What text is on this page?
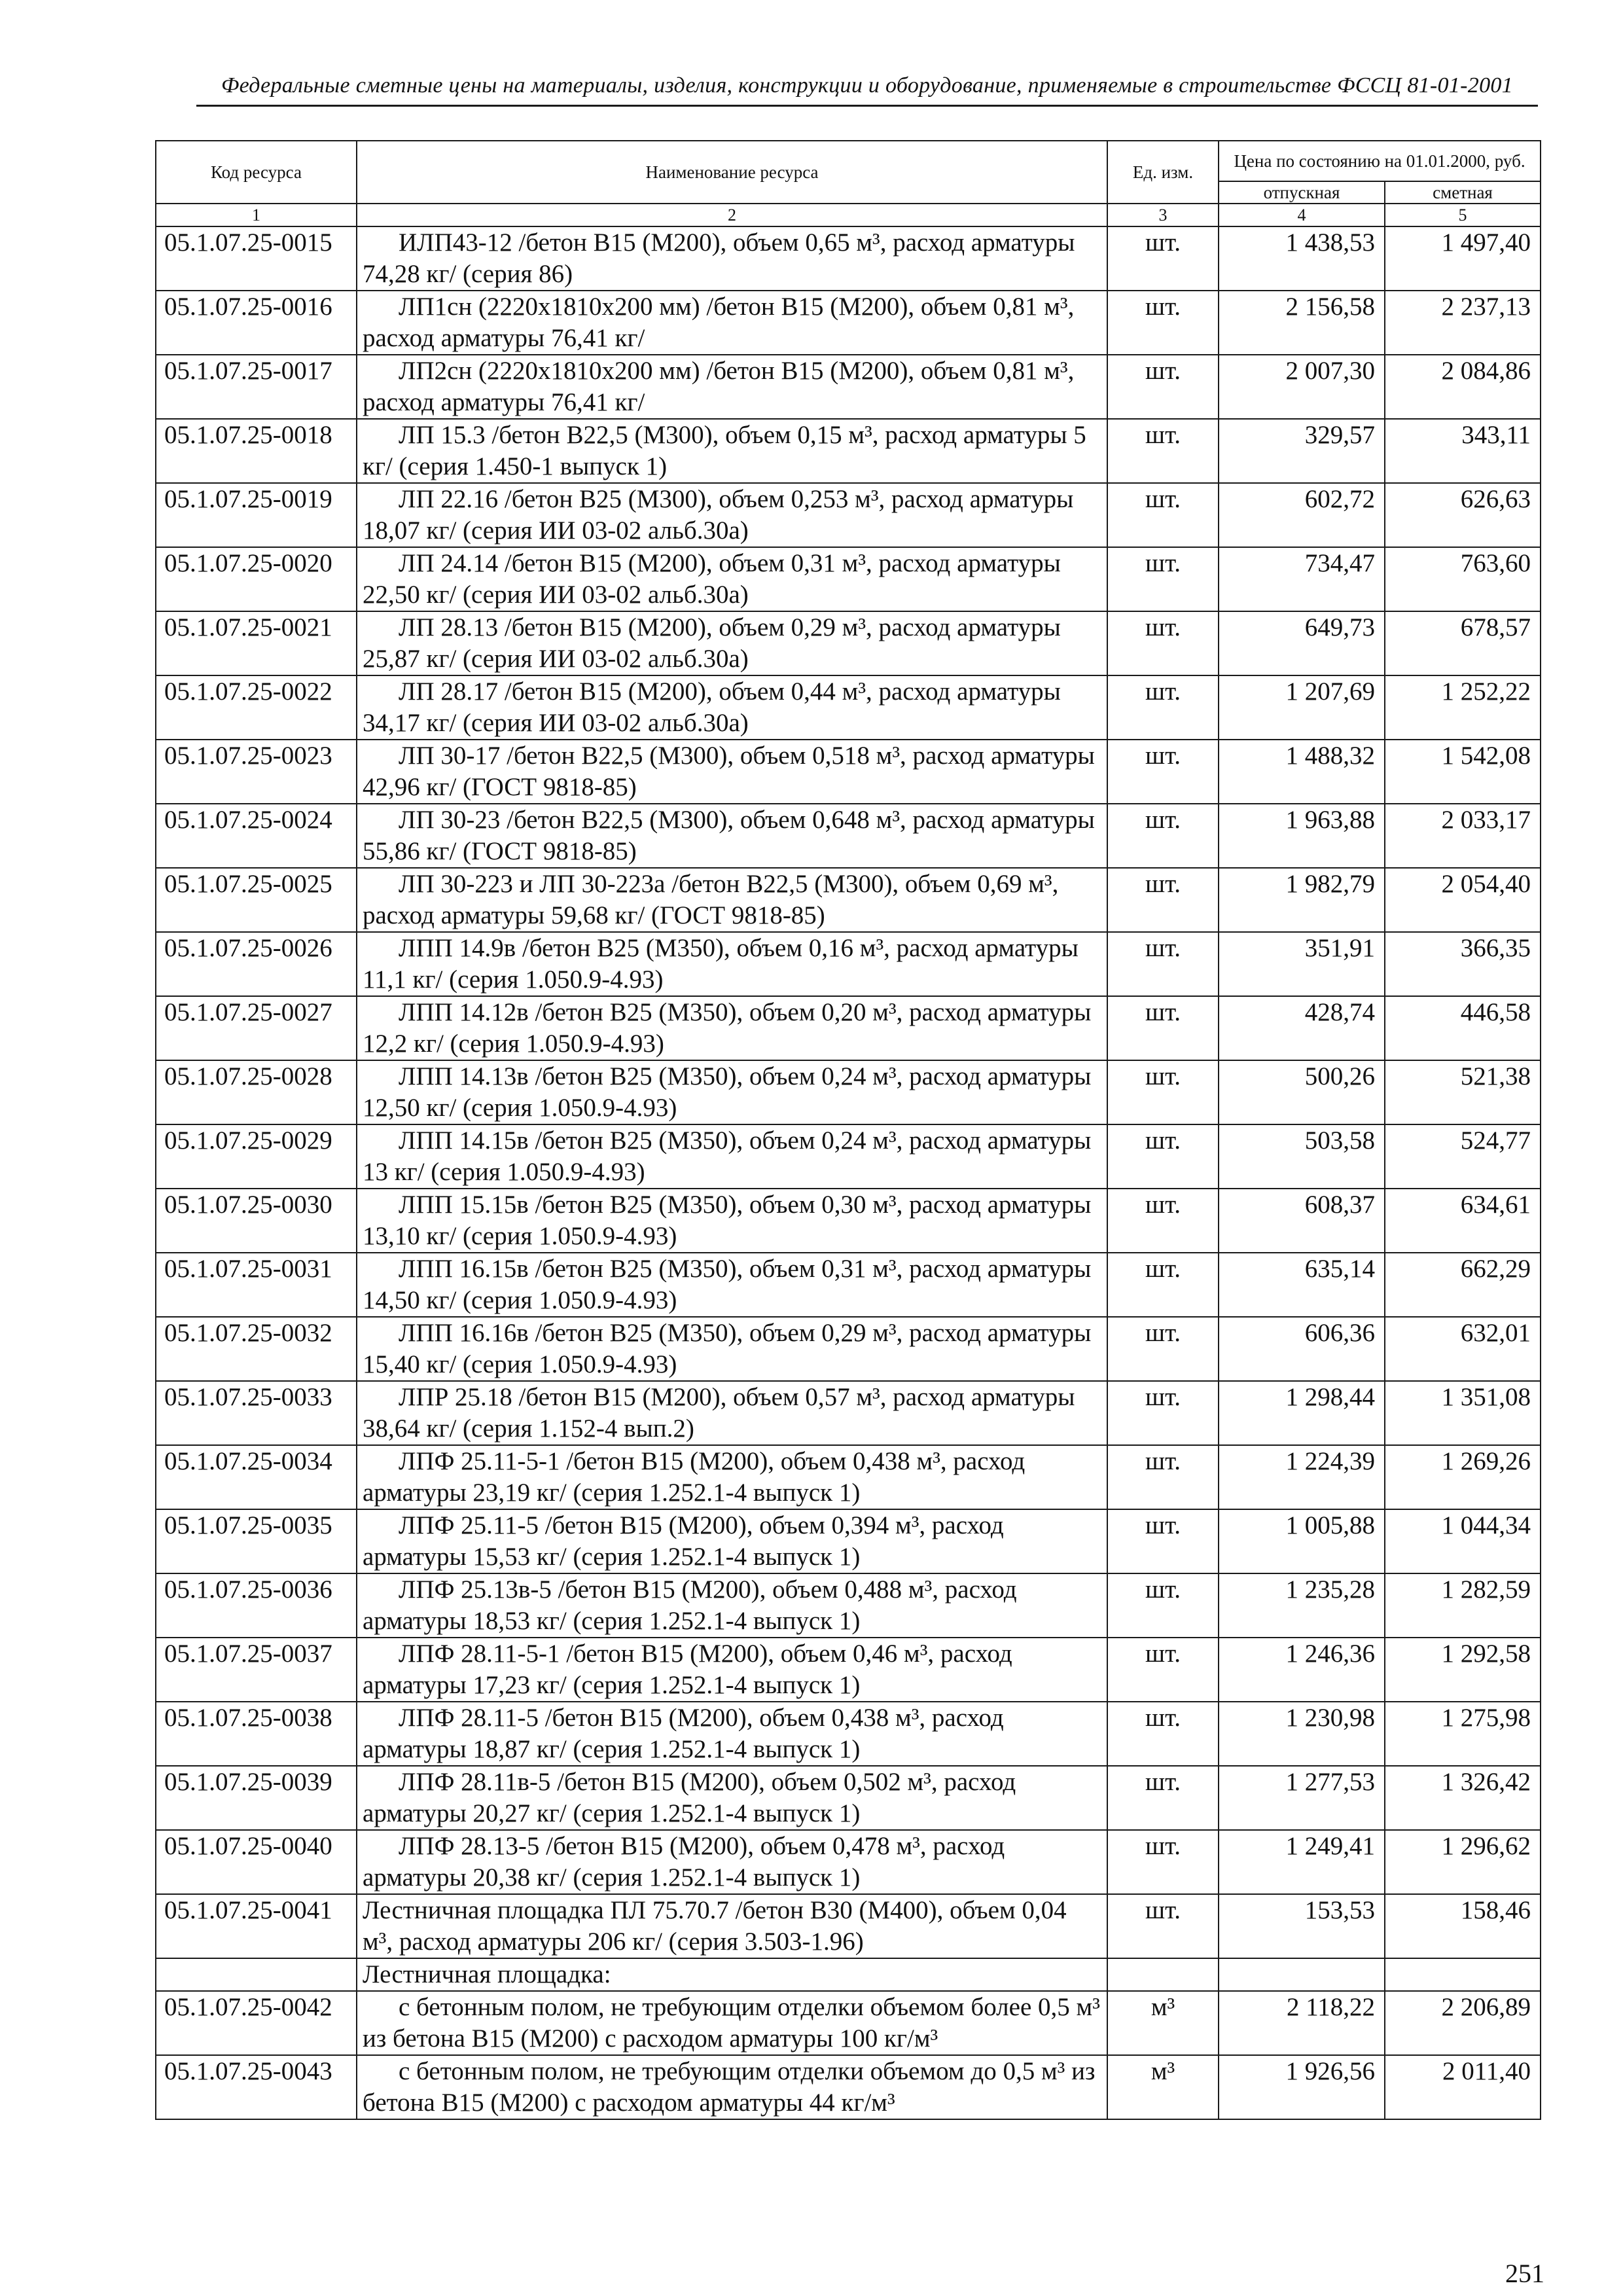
Федеральные сметные цены на материалы, изделия, конструкции и оборудование, применяемые в строительстве ФССЦ 81-01-2001
Код ресурса	Наименование ресурса	Ед. изм.	Цена по состоянию на 01.01.2000, руб.	
			отпускная	сметная
1	2	3	4	5
05.1.07.25-0015	ИЛП43-12 /бетон В15 (М200), объем 0,65 м³, расход арматуры 74,28 кг/ (серия 86)	шт.	1 438,53	1 497,40
05.1.07.25-0016	ЛП1сн (2220х1810х200 мм) /бетон В15 (М200), объем 0,81 м³, расход арматуры 76,41 кг/	шт.	2 156,58	2 237,13
05.1.07.25-0017	ЛП2сн (2220х1810х200 мм) /бетон В15 (М200), объем 0,81 м³, расход арматуры 76,41 кг/	шт.	2 007,30	2 084,86
05.1.07.25-0018	ЛП 15.3 /бетон В22,5 (М300), объем 0,15 м³, расход арматуры 5 кг/ (серия 1.450-1 выпуск 1)	шт.	329,57	343,11
05.1.07.25-0019	ЛП 22.16 /бетон В25 (М300), объем 0,253 м³, расход арматуры 18,07 кг/ (серия ИИ 03-02 альб.30а)	шт.	602,72	626,63
05.1.07.25-0020	ЛП 24.14 /бетон В15 (М200), объем 0,31 м³, расход арматуры 22,50 кг/ (серия ИИ 03-02 альб.30а)	шт.	734,47	763,60
05.1.07.25-0021	ЛП 28.13 /бетон В15 (М200), объем 0,29 м³, расход арматуры 25,87 кг/ (серия ИИ 03-02 альб.30а)	шт.	649,73	678,57
05.1.07.25-0022	ЛП 28.17 /бетон В15 (М200), объем 0,44 м³, расход арматуры 34,17 кг/ (серия ИИ 03-02 альб.30а)	шт.	1 207,69	1 252,22
05.1.07.25-0023	ЛП 30-17 /бетон В22,5 (М300), объем 0,518 м³, расход арматуры 42,96 кг/ (ГОСТ 9818-85)	шт.	1 488,32	1 542,08
05.1.07.25-0024	ЛП 30-23 /бетон В22,5 (М300), объем 0,648 м³, расход арматуры 55,86 кг/ (ГОСТ 9818-85)	шт.	1 963,88	2 033,17
05.1.07.25-0025	ЛП 30-223 и ЛП 30-223а /бетон В22,5 (М300), объем 0,69 м³, расход арматуры 59,68 кг/ (ГОСТ 9818-85)	шт.	1 982,79	2 054,40
05.1.07.25-0026	ЛПП 14.9в /бетон В25 (М350), объем 0,16 м³, расход арматуры 11,1 кг/ (серия 1.050.9-4.93)	шт.	351,91	366,35
05.1.07.25-0027	ЛПП 14.12в /бетон В25 (М350), объем 0,20 м³, расход арматуры 12,2 кг/ (серия 1.050.9-4.93)	шт.	428,74	446,58
05.1.07.25-0028	ЛПП 14.13в /бетон В25 (М350), объем 0,24 м³, расход арматуры 12,50 кг/ (серия 1.050.9-4.93)	шт.	500,26	521,38
05.1.07.25-0029	ЛПП 14.15в /бетон В25 (М350), объем 0,24 м³, расход арматуры 13 кг/ (серия 1.050.9-4.93)	шт.	503,58	524,77
05.1.07.25-0030	ЛПП 15.15в /бетон В25 (М350), объем 0,30 м³, расход арматуры 13,10 кг/ (серия 1.050.9-4.93)	шт.	608,37	634,61
05.1.07.25-0031	ЛПП 16.15в /бетон В25 (М350), объем 0,31 м³, расход арматуры 14,50 кг/ (серия 1.050.9-4.93)	шт.	635,14	662,29
05.1.07.25-0032	ЛПП 16.16в /бетон В25 (М350), объем 0,29 м³, расход арматуры 15,40 кг/ (серия 1.050.9-4.93)	шт.	606,36	632,01
05.1.07.25-0033	ЛПР 25.18 /бетон В15 (М200), объем 0,57 м³, расход арматуры 38,64 кг/ (серия 1.152-4 вып.2)	шт.	1 298,44	1 351,08
05.1.07.25-0034	ЛПФ 25.11-5-1 /бетон В15 (М200), объем 0,438 м³, расход арматуры 23,19 кг/ (серия 1.252.1-4 выпуск 1)	шт.	1 224,39	1 269,26
05.1.07.25-0035	ЛПФ 25.11-5 /бетон В15 (М200), объем 0,394 м³, расход арматуры 15,53 кг/ (серия 1.252.1-4 выпуск 1)	шт.	1 005,88	1 044,34
05.1.07.25-0036	ЛПФ 25.13в-5 /бетон В15 (М200), объем 0,488 м³, расход арматуры 18,53 кг/ (серия 1.252.1-4 выпуск 1)	шт.	1 235,28	1 282,59
05.1.07.25-0037	ЛПФ 28.11-5-1 /бетон В15 (М200), объем 0,46 м³, расход арматуры 17,23 кг/ (серия 1.252.1-4 выпуск 1)	шт.	1 246,36	1 292,58
05.1.07.25-0038	ЛПФ 28.11-5 /бетон В15 (М200), объем 0,438 м³, расход арматуры 18,87 кг/ (серия 1.252.1-4 выпуск 1)	шт.	1 230,98	1 275,98
05.1.07.25-0039	ЛПФ 28.11в-5 /бетон В15 (М200), объем 0,502 м³, расход арматуры 20,27 кг/ (серия 1.252.1-4 выпуск 1)	шт.	1 277,53	1 326,42
05.1.07.25-0040	ЛПФ 28.13-5 /бетон В15 (М200), объем 0,478 м³, расход арматуры 20,38 кг/ (серия 1.252.1-4 выпуск 1)	шт.	1 249,41	1 296,62
05.1.07.25-0041	Лестничная площадка ПЛ 75.70.7 /бетон В30 (М400), объем 0,04 м³, расход арматуры 206 кг/ (серия 3.503-1.96)	шт.	153,53	158,46
	Лестничная площадка:			
05.1.07.25-0042	с бетонным полом, не требующим отделки объемом более 0,5 м³ из бетона В15 (М200) с расходом арматуры 100 кг/м³	м³	2 118,22	2 206,89
05.1.07.25-0043	с бетонным полом, не требующим отделки объемом до 0,5 м³ из бетона В15 (М200) с расходом арматуры 44 кг/м³	м³	1 926,56	2 011,40
251
